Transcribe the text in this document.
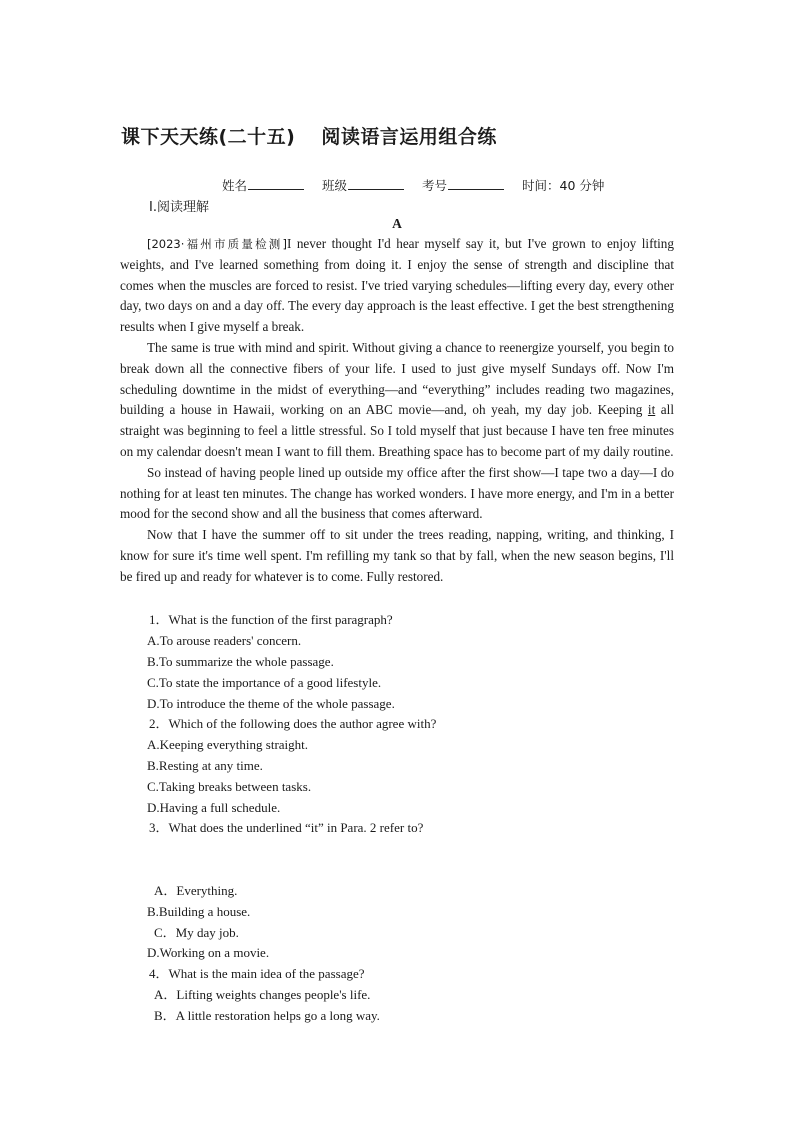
课下天天练(二十五) 阅读语言运用组合练
姓名	班级	考号	时间：40 分钟
Ⅰ.阅读理解
A

[2023·福州市质量检测]I never thought I'd hear myself say it, but I've grown to enjoy lifting weights, and I've learned something from doing it. I enjoy the sense of strength and discipline that comes when the muscles are forced to resist. I've tried varying schedules—lifting every day, every other day, two days on and a day off. The every day approach is the least effective. I get the best strengthening results when I give myself a break.

The same is true with mind and spirit. Without giving a chance to reenergize yourself, you begin to break down all the connective fibers of your life. I used to just give myself Sundays off. Now I'm scheduling downtime in the midst of everything—and “everything” includes reading two magazines, building a house in Hawaii, working on an ABC movie—and, oh yeah, my day job. Keeping it all straight was beginning to feel a little stressful. So I told myself that just because I have ten free minutes on my calendar doesn't mean I want to fill them. Breathing space has to become part of my daily routine.

So instead of having people lined up outside my office after the first show—I tape two a day—I do nothing for at least ten minutes. The change has worked wonders. I have more energy, and I'm in a better mood for the second show and all the business that comes afterward.

Now that I have the summer off to sit under the trees reading, napping, writing, and thinking, I know for sure it's time well spent. I'm refilling my tank so that by fall, when the new season begins, I'll be fired up and ready for whatever is to come. Fully restored.

1．What is the function of the first paragraph?
A.To arouse readers' concern.
B.To summarize the whole passage.
C.To state the importance of a good lifestyle.
D.To introduce the theme of the whole passage.
2．Which of the following does the author agree with?
A.Keeping everything straight.
B.Resting at any time.
C.Taking breaks between tasks.
D.Having a full schedule.
3．What does the underlined “it” in Para. 2 refer to?
A．Everything.
B.Building a house.
C．My day job.
D.Working on a movie.
4．What is the main idea of the passage?
A．Lifting weights changes people's life.
B．A little restoration helps go a long way.
